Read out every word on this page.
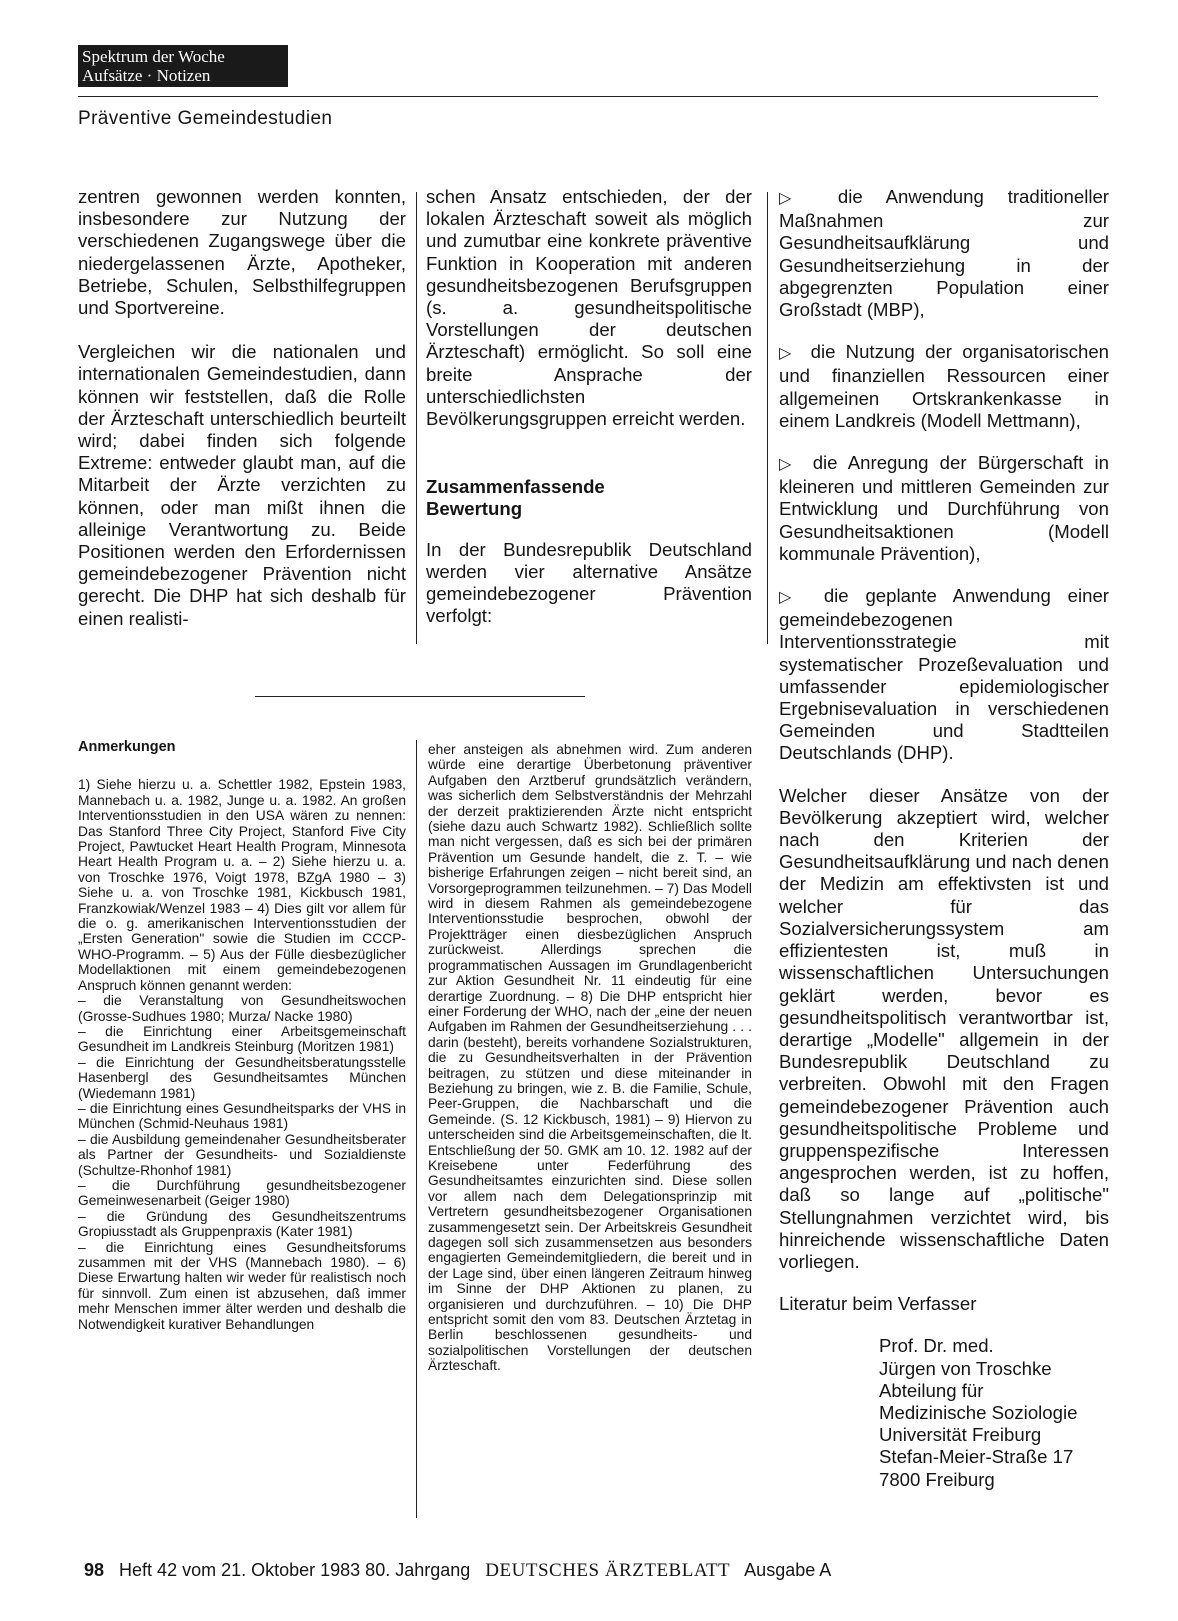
Spektrum der Woche
Aufsätze · Notizen
Präventive Gemeindestudien

zentren gewonnen werden konnten, insbesondere zur Nutzung der verschiedenen Zugangswege über die niedergelassenen Ärzte, Apotheker, Betriebe, Schulen, Selbsthilfegruppen und Sportvereine.

Vergleichen wir die nationalen und internationalen Gemeindestudien, dann können wir feststellen, daß die Rolle der Ärzteschaft unterschiedlich beurteilt wird; dabei finden sich folgende Extreme: entweder glaubt man, auf die Mitarbeit der Ärzte verzichten zu können, oder man mißt ihnen die alleinige Verantwortung zu. Beide Positionen werden den Erfordernissen gemeindebezogener Prävention nicht gerecht. Die DHP hat sich deshalb für einen realisti-

schen Ansatz entschieden, der der lokalen Ärzteschaft soweit als möglich und zumutbar eine konkrete präventive Funktion in Kooperation mit anderen gesundheitsbezogenen Berufsgruppen (s. a. gesundheitspolitische Vorstellungen der deutschen Ärzteschaft) ermöglicht. So soll eine breite Ansprache der unterschiedlichsten Bevölkerungsgruppen erreicht werden.

Zusammenfassende
Bewertung

In der Bundesrepublik Deutschland werden vier alternative Ansätze gemeindebezogener Prävention verfolgt:

▷ die Anwendung traditioneller Maßnahmen zur Gesundheitsaufklärung und Gesundheitserziehung in der abgegrenzten Population einer Großstadt (MBP),

▷ die Nutzung der organisatorischen und finanziellen Ressourcen einer allgemeinen Ortskrankenkasse in einem Landkreis (Modell Mettmann),

▷ die Anregung der Bürgerschaft in kleineren und mittleren Gemeinden zur Entwicklung und Durchführung von Gesundheitsaktionen (Modell kommunale Prävention),

▷ die geplante Anwendung einer gemeindebezogenen Interventionsstrategie mit systematischer Prozeßevaluation und umfassender epidemiologischer Ergebnisevaluation in verschiedenen Gemeinden und Stadtteilen Deutschlands (DHP).

Welcher dieser Ansätze von der Bevölkerung akzeptiert wird, welcher nach den Kriterien der Gesundheitsaufklärung und nach denen der Medizin am effektivsten ist und welcher für das Sozialversicherungssystem am effizientesten ist, muß in wissenschaftlichen Untersuchungen geklärt werden, bevor es gesundheitspolitisch verantwortbar ist, derartige „Modelle" allgemein in der Bundesrepublik Deutschland zu verbreiten. Obwohl mit den Fragen gemeindebezogener Prävention auch gesundheitspolitische Probleme und gruppenspezifische Interessen angesprochen werden, ist zu hoffen, daß so lange auf „politische" Stellungnahmen verzichtet wird, bis hinreichende wissenschaftliche Daten vorliegen.

Literatur beim Verfasser

Prof. Dr. med.
Jürgen von Troschke
Abteilung für
Medizinische Soziologie
Universität Freiburg
Stefan-Meier-Straße 17
7800 Freiburg

Anmerkungen

1) Siehe hierzu u. a. Schettler 1982, Epstein 1983, Mannebach u. a. 1982, Junge u. a. 1982. An großen Interventionsstudien in den USA wären zu nennen: Das Stanford Three City Project, Stanford Five City Project, Pawtucket Heart Health Program, Minnesota Heart Health Program u. a. – 2) Siehe hierzu u. a. von Troschke 1976, Voigt 1978, BZgA 1980 – 3) Siehe u. a. von Troschke 1981, Kickbusch 1981, Franzkowiak/Wenzel 1983 – 4) Dies gilt vor allem für die o. g. amerikanischen Interventionsstudien der „Ersten Generation" sowie die Studien im CCCP-WHO-Programm. – 5) Aus der Fülle diesbezüglicher Modellaktionen mit einem gemeindebezogenen Anspruch können genannt werden:

– die Veranstaltung von Gesundheitswochen (Grosse-Sudhues 1980; Murza/ Nacke 1980)

– die Einrichtung einer Arbeitsgemeinschaft Gesundheit im Landkreis Steinburg (Moritzen 1981)

– die Einrichtung der Gesundheitsberatungsstelle Hasenbergl des Gesundheitsamtes München (Wiedemann 1981)

– die Einrichtung eines Gesundheitsparks der VHS in München (Schmid-Neuhaus 1981)

– die Ausbildung gemeindenaher Gesundheitsberater als Partner der Gesundheits- und Sozialdienste (Schultze-Rhonhof 1981)

– die Durchführung gesundheitsbezogener Gemeinwesenarbeit (Geiger 1980)

– die Gründung des Gesundheitszentrums Gropiusstadt als Gruppenpraxis (Kater 1981)

– die Einrichtung eines Gesundheitsforums zusammen mit der VHS (Mannebach 1980). – 6) Diese Erwartung halten wir weder für realistisch noch für sinnvoll. Zum einen ist abzusehen, daß immer mehr Menschen immer älter werden und deshalb die Notwendigkeit kurativer Behandlungen

eher ansteigen als abnehmen wird. Zum anderen würde eine derartige Überbetonung präventiver Aufgaben den Arztberuf grundsätzlich verändern, was sicherlich dem Selbstverständnis der Mehrzahl der derzeit praktizierenden Ärzte nicht entspricht (siehe dazu auch Schwartz 1982). Schließlich sollte man nicht vergessen, daß es sich bei der primären Prävention um Gesunde handelt, die z. T. – wie bisherige Erfahrungen zeigen – nicht bereit sind, an Vorsorgeprogrammen teilzunehmen. – 7) Das Modell wird in diesem Rahmen als gemeindebezogene Interventionsstudie besprochen, obwohl der Projektträger einen diesbezüglichen Anspruch zurückweist. Allerdings sprechen die programmatischen Aussagen im Grundlagenbericht zur Aktion Gesundheit Nr. 11 eindeutig für eine derartige Zuordnung. – 8) Die DHP entspricht hier einer Forderung der WHO, nach der „eine der neuen Aufgaben im Rahmen der Gesundheitserziehung . . . darin (besteht), bereits vorhandene Sozialstrukturen, die zu Gesundheitsverhalten in der Prävention beitragen, zu stützen und diese miteinander in Beziehung zu bringen, wie z. B. die Familie, Schule, Peer-Gruppen, die Nachbarschaft und die Gemeinde. (S. 12 Kickbusch, 1981) – 9) Hiervon zu unterscheiden sind die Arbeitsgemeinschaften, die lt. Entschließung der 50. GMK am 10. 12. 1982 auf der Kreisebene unter Federführung des Gesundheitsamtes einzurichten sind. Diese sollen vor allem nach dem Delegationsprinzip mit Vertretern gesundheitsbezogener Organisationen zusammengesetzt sein. Der Arbeitskreis Gesundheit dagegen soll sich zusammensetzen aus besonders engagierten Gemeindemitgliedern, die bereit und in der Lage sind, über einen längeren Zeitraum hinweg im Sinne der DHP Aktionen zu planen, zu organisieren und durchzuführen. – 10) Die DHP entspricht somit den vom 83. Deutschen Ärztetag in Berlin beschlossenen gesundheits- und sozialpolitischen Vorstellungen der deutschen Ärzteschaft.

98 Heft 42 vom 21. Oktober 1983 80. Jahrgang DEUTSCHES ÄRZTEBLATT Ausgabe A
